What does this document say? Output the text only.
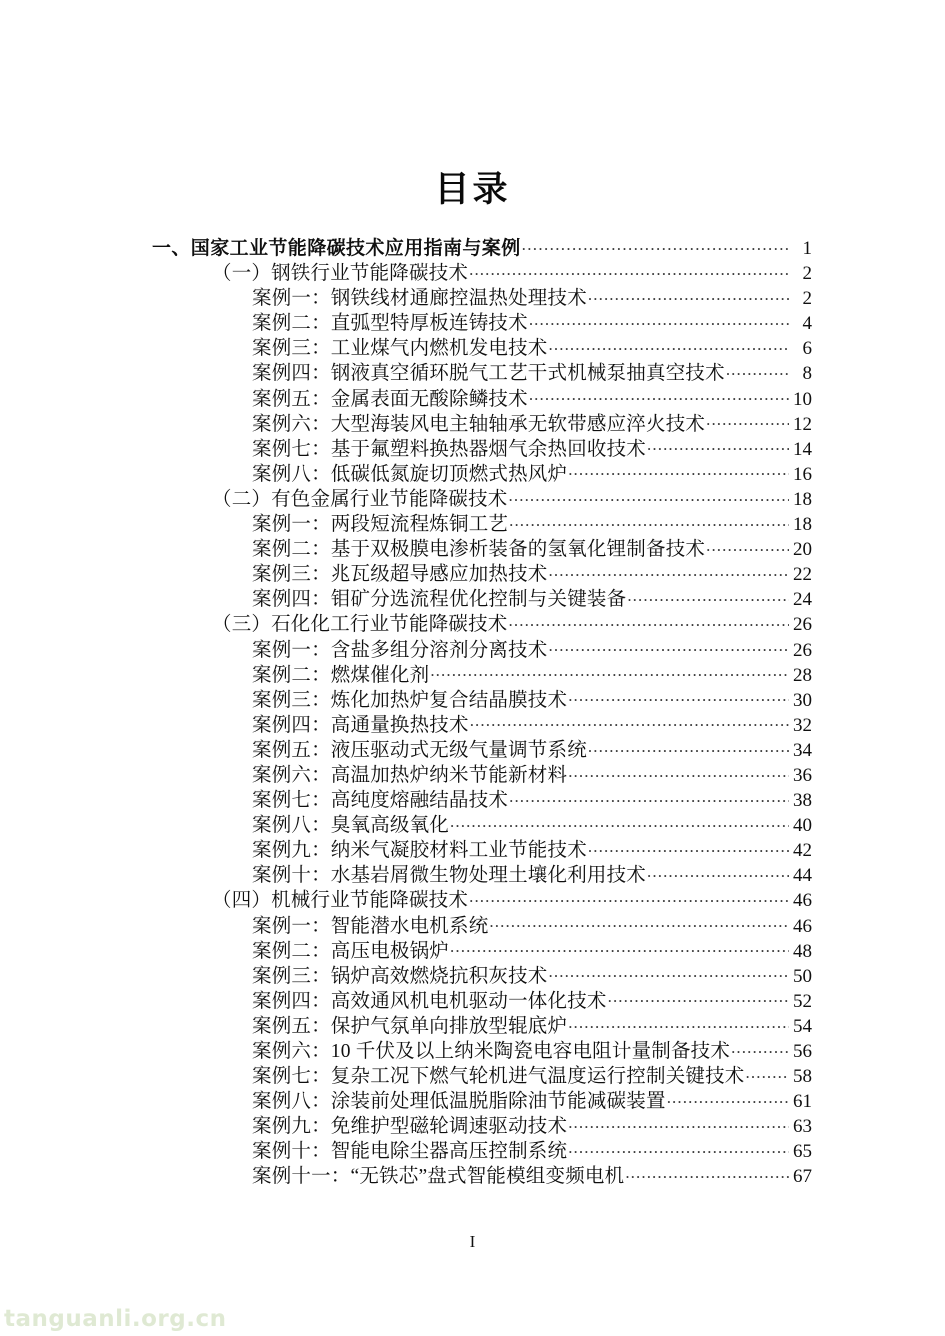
目录
一、国家工业节能降碳技术应用指南与案例 .....	1
（一）钢铁行业节能降碳技术 .....	2
案例一：钢铁线材通廊控温热处理技术 .....	2
案例二：直弧型特厚板连铸技术 .....	4
案例三：工业煤气内燃机发电技术 .....	6
案例四：钢液真空循环脱气工艺干式机械泵抽真空技术 .....	8
案例五：金属表面无酸除鳞技术 .....	10
案例六：大型海装风电主轴轴承无软带感应淬火技术 .....	12
案例七：基于氟塑料换热器烟气余热回收技术 .....	14
案例八：低碳低氮旋切顶燃式热风炉 .....	16
（二）有色金属行业节能降碳技术 .....	18
案例一：两段短流程炼铜工艺 .....	18
案例二：基于双极膜电渗析装备的氢氧化锂制备技术 .....	20
案例三：兆瓦级超导感应加热技术 .....	22
案例四：钼矿分选流程优化控制与关键装备 .....	24
（三）石化化工行业节能降碳技术 .....	26
案例一：含盐多组分溶剂分离技术 .....	26
案例二：燃煤催化剂 .....	28
案例三：炼化加热炉复合结晶膜技术 .....	30
案例四：高通量换热技术 .....	32
案例五：液压驱动式无级气量调节系统 .....	34
案例六：高温加热炉纳米节能新材料 .....	36
案例七：高纯度熔融结晶技术 .....	38
案例八：臭氧高级氧化 .....	40
案例九：纳米气凝胶材料工业节能技术 .....	42
案例十：水基岩屑微生物处理土壤化利用技术 .....	44
（四）机械行业节能降碳技术 .....	46
案例一：智能潜水电机系统 .....	46
案例二：高压电极锅炉 .....	48
案例三：锅炉高效燃烧抗积灰技术 .....	50
案例四：高效通风机电机驱动一体化技术 .....	52
案例五：保护气氛单向排放型辊底炉 .....	54
案例六：10 千伏及以上纳米陶瓷电容电阻计量制备技术 .....	56
案例七：复杂工况下燃气轮机进气温度运行控制关键技术 .....	58
案例八：涂装前处理低温脱脂除油节能减碳装置 .....	61
案例九：免维护型磁轮调速驱动技术 .....	63
案例十：智能电除尘器高压控制系统 .....	65
案例十一：“无铁芯”盘式智能模组变频电机 .....	67
I
tanguanli.org.cn
